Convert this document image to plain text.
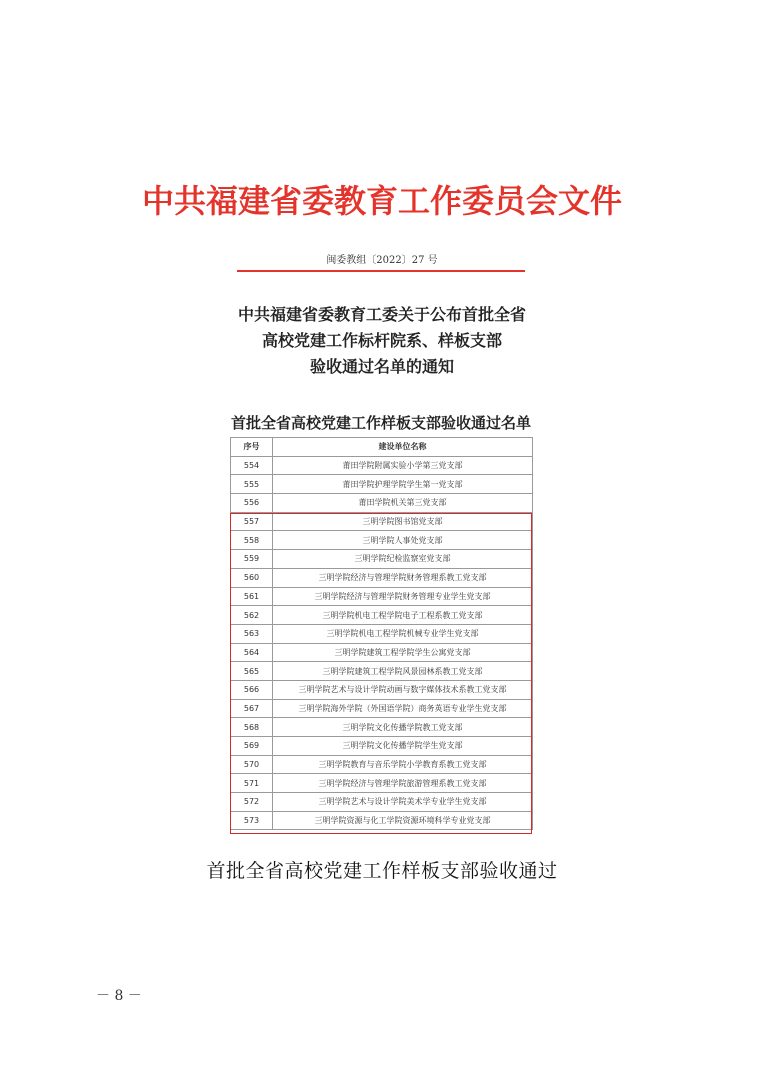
中共福建省委教育工作委员会文件
闽委教组〔2022〕27 号
中共福建省委教育工委关于公布首批全省
高校党建工作标杆院系、样板支部
验收通过名单的通知
首批全省高校党建工作样板支部验收通过名单
序号	建设单位名称
554	莆田学院附属实验小学第三党支部
555	莆田学院护理学院学生第一党支部
556	莆田学院机关第三党支部
557	三明学院图书馆党支部
558	三明学院人事处党支部
559	三明学院纪检监察室党支部
560	三明学院经济与管理学院财务管理系教工党支部
561	三明学院经济与管理学院财务管理专业学生党支部
562	三明学院机电工程学院电子工程系教工党支部
563	三明学院机电工程学院机械专业学生党支部
564	三明学院建筑工程学院学生公寓党支部
565	三明学院建筑工程学院风景园林系教工党支部
566	三明学院艺术与设计学院动画与数字媒体技术系教工党支部
567	三明学院海外学院（外国语学院）商务英语专业学生党支部
568	三明学院文化传播学院教工党支部
569	三明学院文化传播学院学生党支部
570	三明学院教育与音乐学院小学教育系教工党支部
571	三明学院经济与管理学院旅游管理系教工党支部
572	三明学院艺术与设计学院美术学专业学生党支部
573	三明学院资源与化工学院资源环境科学专业党支部
首批全省高校党建工作样板支部验收通过
－ 8 －
